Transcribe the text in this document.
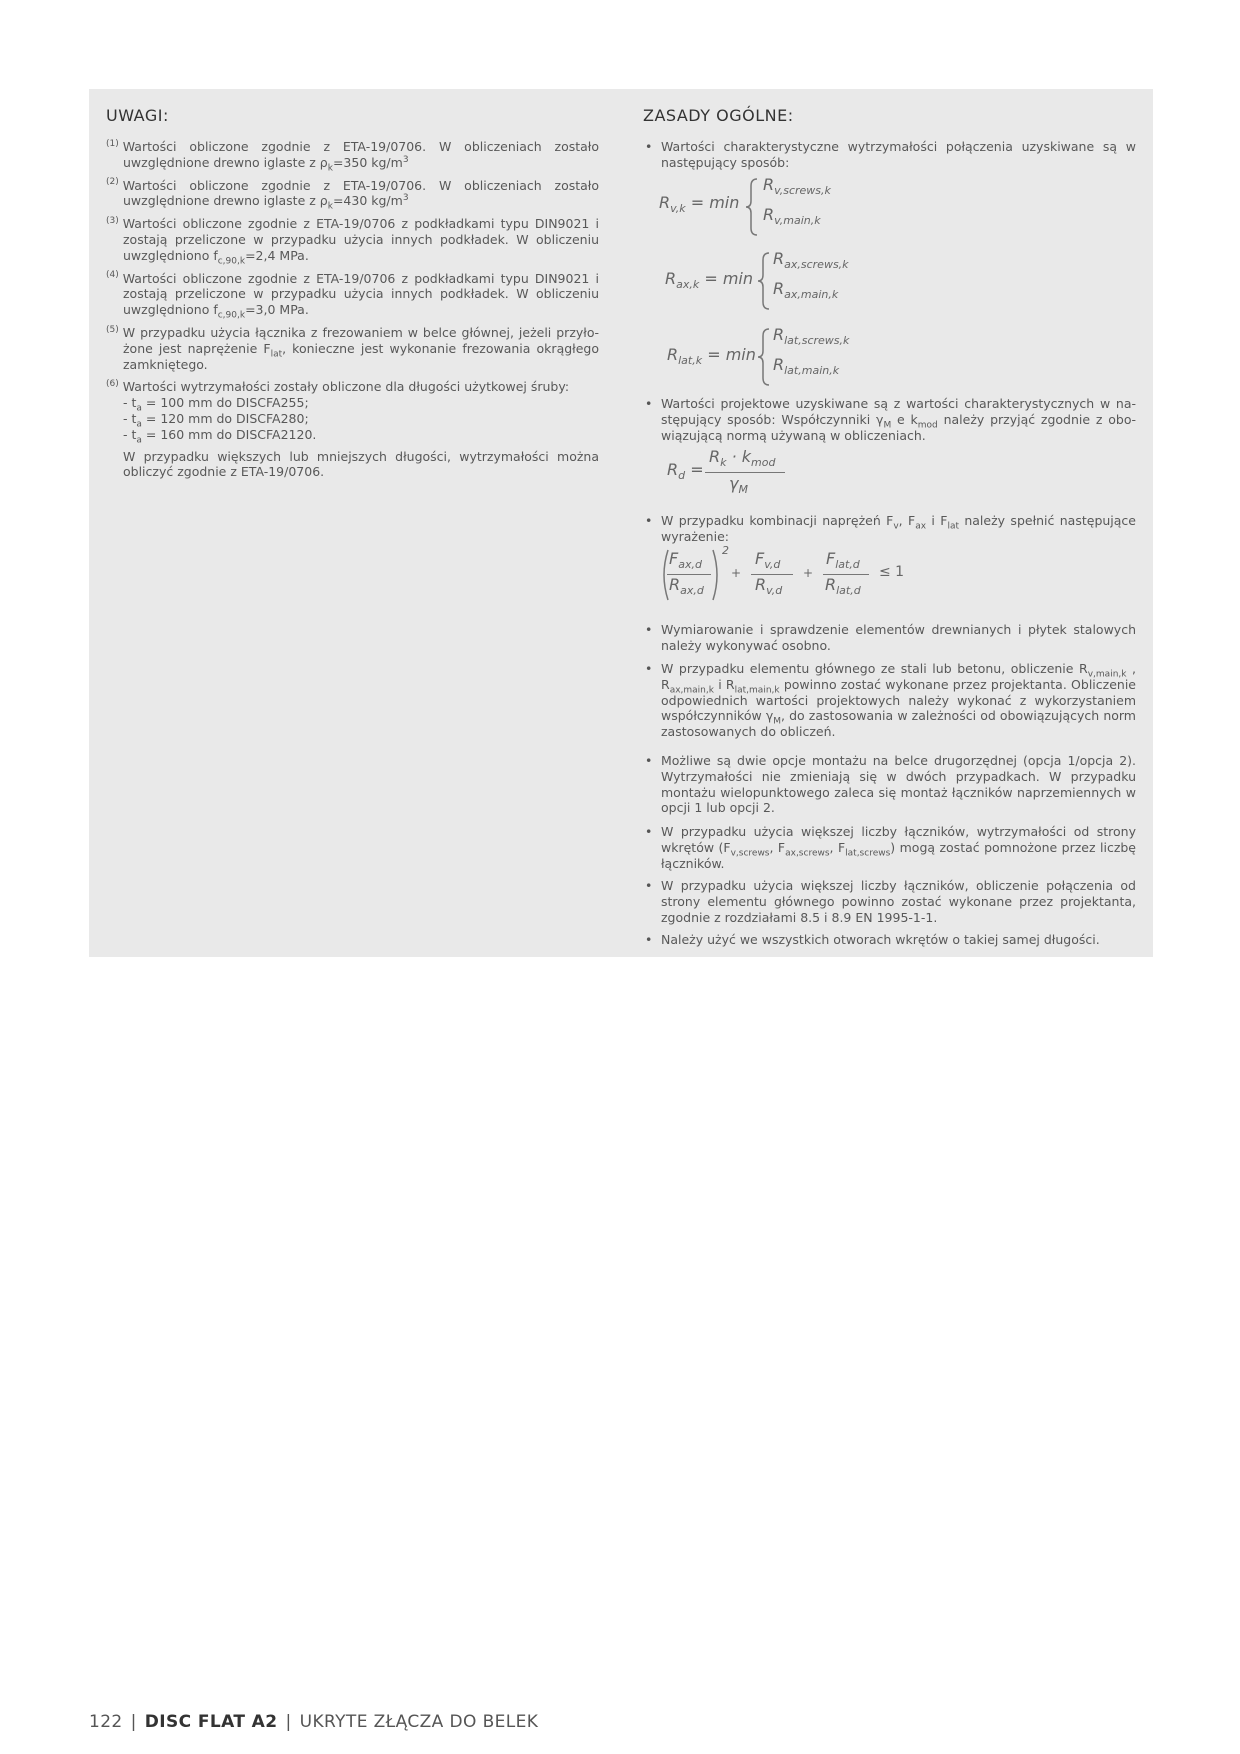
UWAGI:
$^{(1)}$ Wartości obliczone zgodnie z ETA-19/0706. W obliczeniach zostało uwzględnione drewno iglaste z $\rho_k=350$ $kg/m^3$
$^{(2)}$ Wartości obliczone zgodnie z ETA-19/0706. W obliczeniach zostało uwzględnione drewno iglaste z $\rho_k=430$ $kg/m^3$
$^{(3)}$ Wartości obliczone zgodnie z ETA-19/0706 z podkładkami typu DIN9021 i zostają przeliczone w przypadku użycia innych podkładek. W obliczeniu uwzględniono $f_{c,90,k}=2,4$ MPa.
$^{(4)}$ Wartości obliczone zgodnie z ETA-19/0706 z podkładkami typu DIN9021 i zostają przeliczone w przypadku użycia innych podkładek. W obliczeniu uwzględniono $f_{c,90,k}=3,0$ MPa.
$^{(5)}$ W przypadku użycia łącznika z frezowaniem w belce głównej, jeżeli przyłożone jest naprężenie $F_{lat}$, konieczne jest wykonanie frezowania okrągłego zamkniętego.
$^{(6)}$ Wartości wytrzymałości zostały obliczone dla długości użytkowej śruby:
- $t_a = 100$ mm do DISCFA255;
- $t_a = 120$ mm do DISCFA280;
- $t_a = 160$ mm do DISCFA2120.
W przypadku większych lub mniejszych długości, wytrzymałości można obliczyć zgodnie z ETA-19/0706.
ZASADY OGÓLNE:
• Wartości charakterystyczne wytrzymałości połączenia uzyskiwane są w następujący sposób:
$R_{v,k} = \min$
$R_{v,screws,k}$
$R_{v,main,k}$
$R_{ax,k} = \min$
$R_{ax,screws,k}$
$R_{ax,main,k}$
$R_{lat,k} = \min$
$R_{lat,screws,k}$
$R_{lat,main,k}$
• Wartości projektowe uzyskiwane są z wartości charakterystycznych w następujący sposób: Współczynniki $\gamma_M$ e $k_{mod}$ należy przyjąć zgodnie z obowiązującą normą używaną w obliczeniach.
$R_d$ =
$R_k \cdot k_{mod}$
$\gamma_M$
• W przypadku kombinacji naprężeń $F_v$, $F_{ax}$ i $F_{lat}$ należy spełnić następujące wyrażenie:
$F_{ax,d}$
$R_{ax,d}$
2
+
$F_{v,d}$
$R_{v,d}$
+
$F_{lat,d}$
$R_{lat,d}$
≤ 1
• Wymiarowanie i sprawdzenie elementów drewnianych i płytek stalowych należy wykonywać osobno.
• W przypadku elementu głównego ze stali lub betonu, obliczenie $R_{v,main,k}$ , $R_{ax,main,k}$ i $R_{lat,main,k}$ powinno zostać wykonane przez projektanta. Obliczenie odpowiednich wartości projektowych należy wykonać z wykorzystaniem współczynników $\gamma_M$, do zastosowania w zależności od obowiązujących norm zastosowanych do obliczeń.
• Możliwe są dwie opcje montażu na belce drugorzędnej (opcja 1/opcja 2). Wytrzymałości nie zmieniają się w dwóch przypadkach. W przypadku montażu wielopunktowego zaleca się montaż łączników naprzemiennych w opcji 1 lub opcji 2.
• W przypadku użycia większej liczby łączników, wytrzymałości od strony wkrętów ($F_{v,screws}$, $F_{ax,screws}$, $F_{lat,screws}$) mogą zostać pomnożone przez liczbę łączników.
• W przypadku użycia większej liczby łączników, obliczenie połączenia od strony elementu głównego powinno zostać wykonane przez projektanta, zgodnie z rozdziałami 8.5 i 8.9 EN 1995-1-1.
• Należy użyć we wszystkich otworach wkrętów o takiej samej długości.
122 | DISC FLAT A2 | UKRYTE ZŁĄCZA DO BELEK
